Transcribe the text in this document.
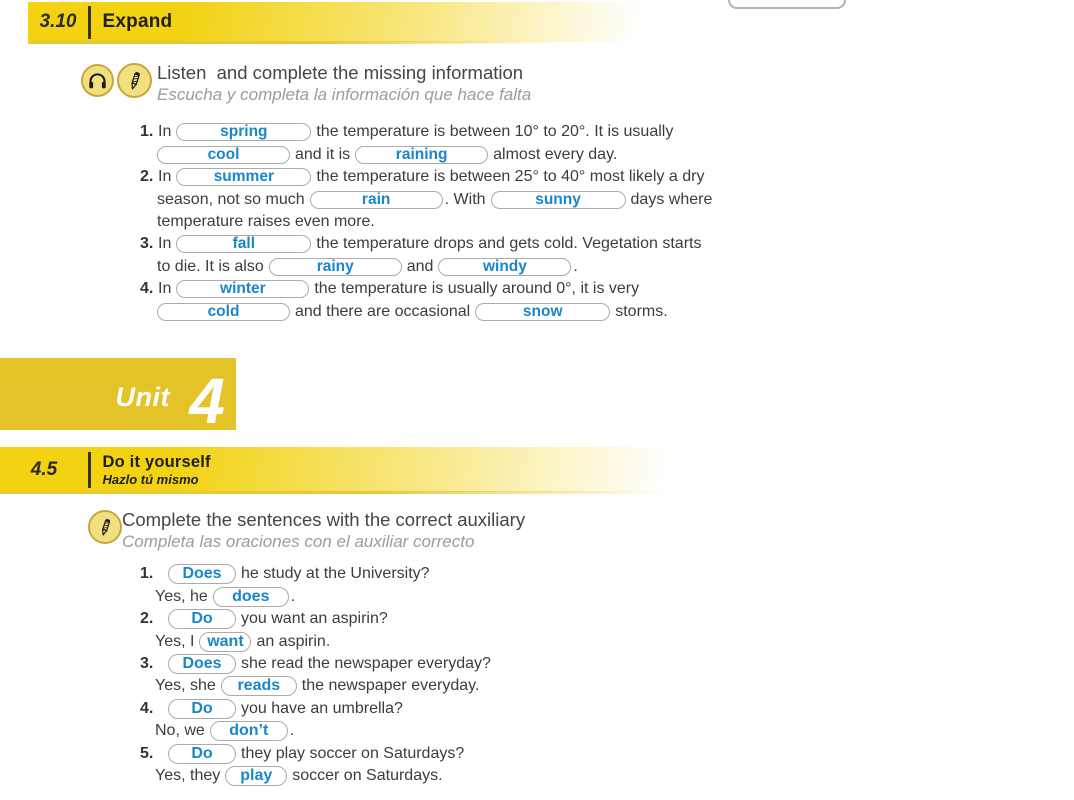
3.10	Expand
Listen  and complete the missing information
Escucha y completa la información que hace falta
1. In	spring	the temperature is between 10° to 20°. It is usually
cool	and it is	raining	almost every day.
2. In	summer	the temperature is between 25° to 40° most likely a dry
season, not so much	rain	. With	sunny	days where
temperature raises even more.
3. In	fall	the temperature drops and gets cold. Vegetation starts
to die. It is also	rainy	and	windy	.
4. In	winter	the temperature is usually around 0°, it is very
cold	and there are occasional	snow	storms.
Unit 4
4.5	Do it yourself
Hazlo tú mismo
Complete the sentences with the correct auxiliary
Completa las oraciones con el auxiliar correcto
1.	Does	he study at the University?
Yes, he	does	.
2.	Do	you want an aspirin?
Yes, I want an aspirin.
3.	Does	she read the newspaper everyday?
Yes, she	reads	the newspaper everyday.
4.	Do	you have an umbrella?
No, we	don’t	.
5.	Do	they play soccer on Saturdays?
Yes, they	play	soccer on Saturdays.
